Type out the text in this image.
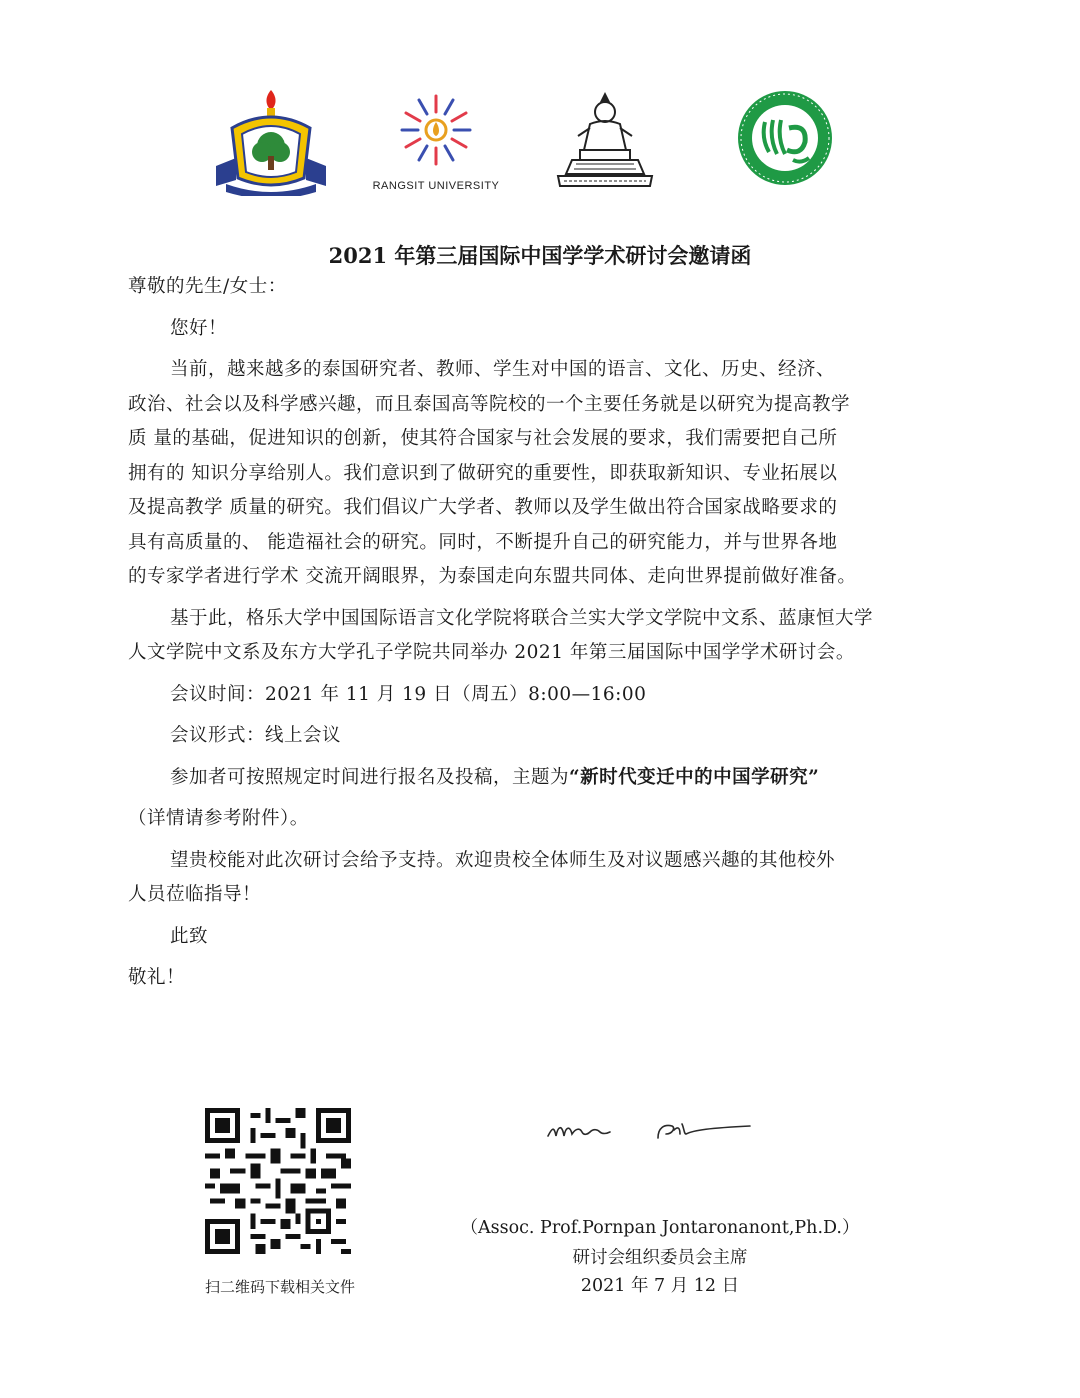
RANGSIT UNIVERSITY
2021 年第三届国际中国学学术研讨会邀请函

尊敬的先生/女士：

您好！

当前，越来越多的泰国研究者、教师、学生对中国的语言、文化、历史、经济、
政治、社会以及科学感兴趣，而且泰国高等院校的一个主要任务就是以研究为提高教学
质 量的基础，促进知识的创新，使其符合国家与社会发展的要求，我们需要把自己所
拥有的 知识分享给别人。我们意识到了做研究的重要性，即获取新知识、专业拓展以
及提高教学 质量的研究。我们倡议广大学者、教师以及学生做出符合国家战略要求的
具有高质量的、 能造福社会的研究。同时，不断提升自己的研究能力，并与世界各地
的专家学者进行学术 交流开阔眼界，为泰国走向东盟共同体、走向世界提前做好准备。
基于此，格乐大学中国国际语言文化学院将联合兰实大学文学院中文系、蓝康恒大学
人文学院中文系及东方大学孔子学院共同举办 2021 年第三届国际中国学学术研讨会。

会议时间：2021 年 11 月 19 日（周五）8:00—16:00

会议形式：线上会议

参加者可按照规定时间进行报名及投稿，主题为“新时代变迁中的中国学研究”

（详情请参考附件）。

望贵校能对此次研讨会给予支持。欢迎贵校全体师生及对议题感兴趣的其他校外
人员莅临指导！

此致

敬礼！

扫二维码下载相关文件
（Assoc. Prof.Pornpan Jontaronanont,Ph.D.）
研讨会组织委员会主席
2021 年 7 月 12 日
